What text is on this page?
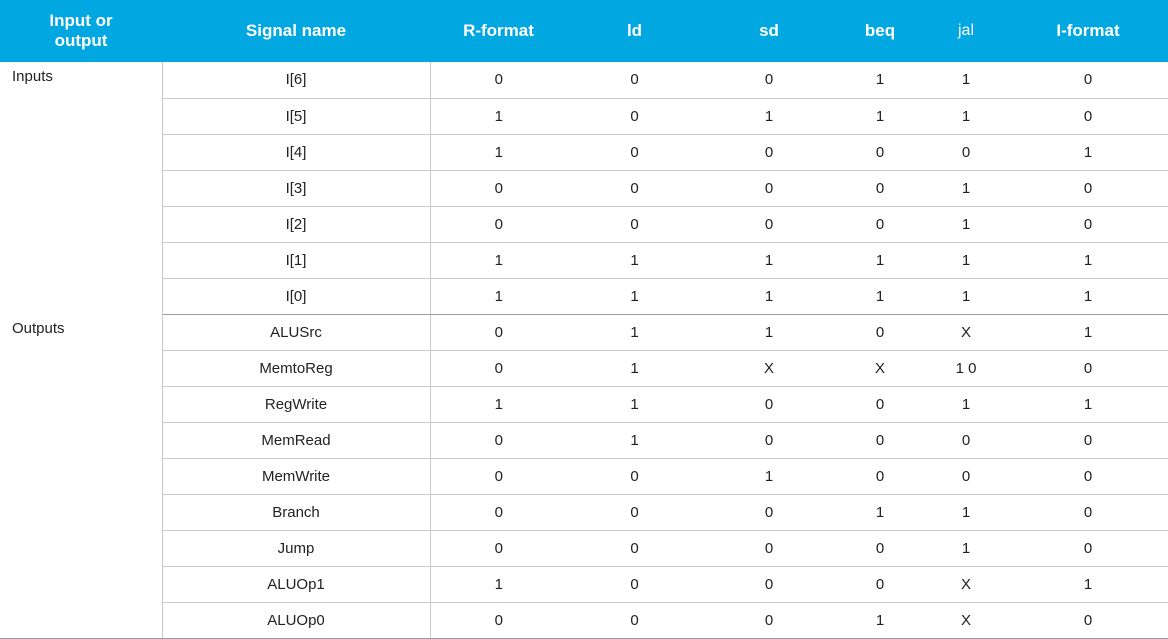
Input or
output	Signal name	R-format	ld	sd	beq	jal	I-format
Inputs	I[6]	0	0	0	1	1	0
	I[5]	1	0	1	1	1	0
	I[4]	1	0	0	0	0	1
	I[3]	0	0	0	0	1	0
	I[2]	0	0	0	0	1	0
	I[1]	1	1	1	1	1	1
	I[0]	1	1	1	1	1	1
Outputs	ALUSrc	0	1	1	0	X	1
	MemtoReg	0	1	X	X	1 0	0
	RegWrite	1	1	0	0	1	1
	MemRead	0	1	0	0	0	0
	MemWrite	0	0	1	0	0	0
	Branch	0	0	0	1	1	0
	Jump	0	0	0	0	1	0
	ALUOp1	1	0	0	0	X	1
	ALUOp0	0	0	0	1	X	0
